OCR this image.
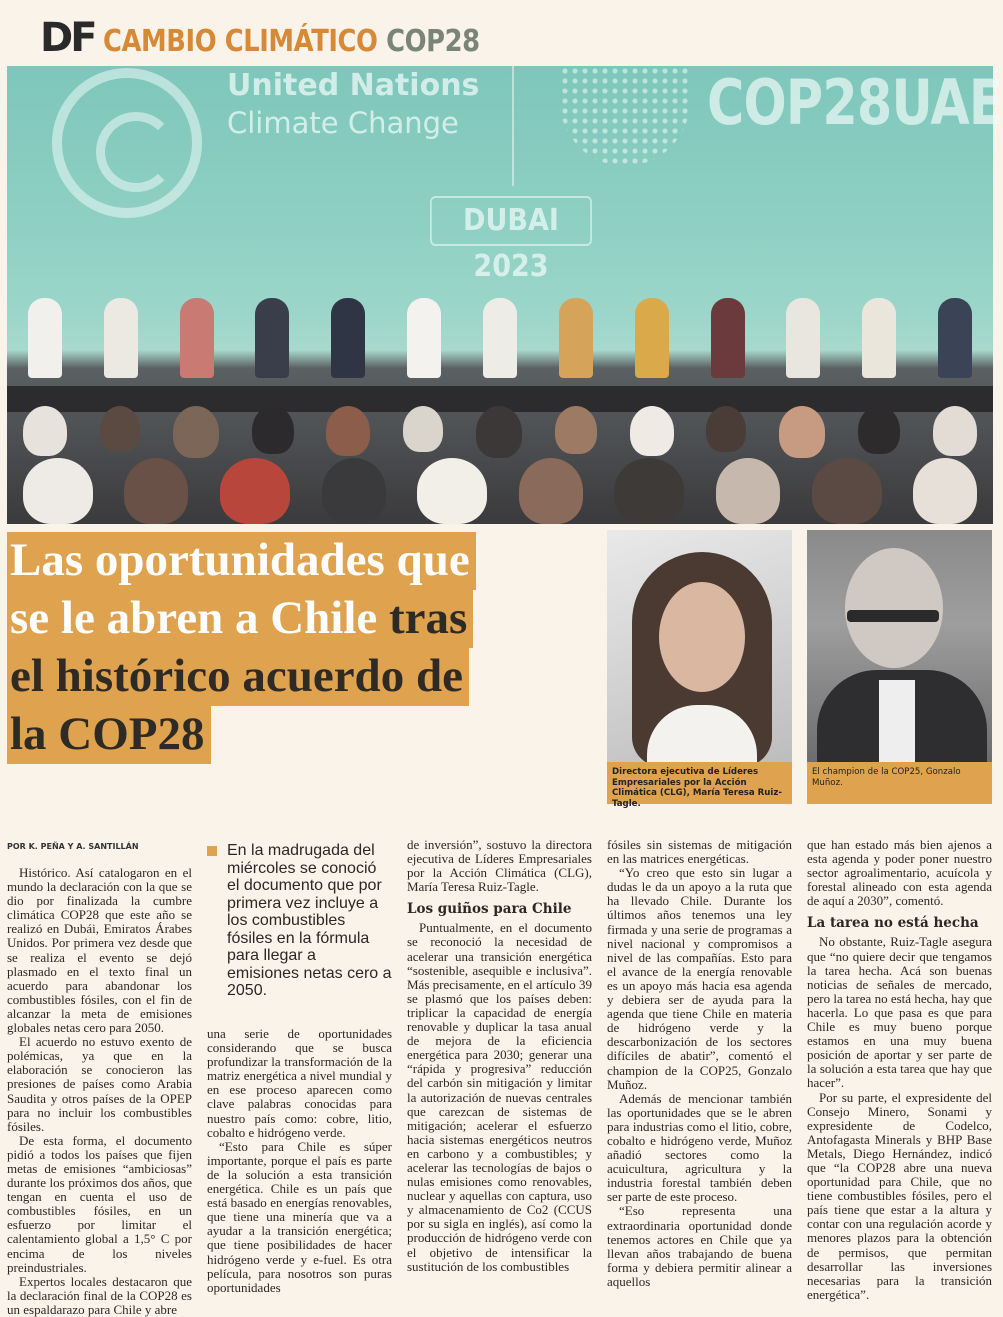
DF CAMBIO CLIMÁTICO COP28
United Nations
Climate Change	COP28UAE
DUBAI 2023
Las oportunidades que
se le abren a Chile tras
el histórico acuerdo de
la COP28
Directora ejecutiva de Líderes Empresariales por la Acción Climática (CLG), María Teresa Ruiz-Tagle.
El champion de la COP25, Gonzalo Muñoz.
POR K. PEÑA Y A. SANTILLÁN	En la madrugada del miércoles se conoció el documento que por primera vez incluye a los combustibles fósiles en la fórmula para llegar a emisiones netas cero a 2050.

Histórico. Así catalogaron en el mundo la declaración con la que se dio por finalizada la cumbre climática COP28 que este año se realizó en Dubái, Emiratos Árabes Unidos. Por primera vez desde que se realiza el evento se dejó plasmado en el texto final un acuerdo para abandonar los combustibles fósiles, con el fin de alcanzar la meta de emisiones globales netas cero para 2050.

El acuerdo no estuvo exento de polémicas, ya que en la elaboración se conocieron las presiones de países como Arabia Saudita y otros países de la OPEP para no incluir los combustibles fósiles.

De esta forma, el documento pidió a todos los países que fijen metas de emisiones “ambiciosas” durante los próximos dos años, que tengan en cuenta el uso de combustibles fósiles, en un esfuerzo por limitar el calentamiento global a 1,5° C por encima de los niveles preindustriales.

Expertos locales destacaron que la declaración final de la COP28 es un espaldarazo para Chile y abre

una serie de oportunidades considerando que se busca profundizar la transformación de la matriz energética a nivel mundial y en ese proceso aparecen como clave palabras conocidas para nuestro país como: cobre, litio, cobalto e hidrógeno verde.

“Esto para Chile es súper importante, porque el país es parte de la solución a esta transición energética. Chile es un país que está basado en energías renovables, que tiene una minería que va a ayudar a la transición energética; que tiene posibilidades de hacer hidrógeno verde y e-fuel. Es otra película, para nosotros son puras oportunidades

de inversión”, sostuvo la directora ejecutiva de Líderes Empresariales por la Acción Climática (CLG), María Teresa Ruiz-Tagle.

Los guiños para Chile

Puntualmente, en el documento se reconoció la necesidad de acelerar una transición energética “sostenible, asequible e inclusiva”. Más precisamente, en el artículo 39 se plasmó que los países deben: triplicar la capacidad de energía renovable y duplicar la tasa anual de mejora de la eficiencia energética para 2030; generar una “rápida y progresiva” reducción del carbón sin mitigación y limitar la autorización de nuevas centrales que carezcan de sistemas de mitigación; acelerar el esfuerzo hacia sistemas energéticos neutros en carbono y a combustibles; y acelerar las tecnologías de bajos o nulas emisiones como renovables, nuclear y aquellas con captura, uso y almacenamiento de Co2 (CCUS por su sigla en inglés), así como la producción de hidrógeno verde con el objetivo de intensificar la sustitución de los combustibles

fósiles sin sistemas de mitigación en las matrices energéticas.

“Yo creo que esto sin lugar a dudas le da un apoyo a la ruta que ha llevado Chile. Durante los últimos años tenemos una ley firmada y una serie de programas a nivel nacional y compromisos a nivel de las compañías. Esto para el avance de la energía renovable es un apoyo más hacia esa agenda y debiera ser de ayuda para la agenda que tiene Chile en materia de hidrógeno verde y la descarbonización de los sectores difíciles de abatir”, comentó el champion de la COP25, Gonzalo Muñoz.

Además de mencionar también las oportunidades que se le abren para industrias como el litio, cobre, cobalto e hidrógeno verde, Muñoz añadió sectores como la acuicultura, agricultura y la industria forestal también deben ser parte de este proceso.

“Eso representa una extraordinaria oportunidad donde tenemos actores en Chile que ya llevan años trabajando de buena forma y debiera permitir alinear a aquellos

que han estado más bien ajenos a esta agenda y poder poner nuestro sector agroalimentario, acuícola y forestal alineado con esta agenda de aquí a 2030”, comentó.

La tarea no está hecha

No obstante, Ruiz-Tagle asegura que “no quiere decir que tengamos la tarea hecha. Acá son buenas noticias de señales de mercado, pero la tarea no está hecha, hay que hacerla. Lo que pasa es que para Chile es muy bueno porque estamos en una muy buena posición de aportar y ser parte de la solución a esta tarea que hay que hacer”.

Por su parte, el expresidente del Consejo Minero, Sonami y expresidente de Codelco, Antofagasta Minerals y BHP Base Metals, Diego Hernández, indicó que “la COP28 abre una nueva oportunidad para Chile, que no tiene combustibles fósiles, pero el país tiene que estar a la altura y contar con una regulación acorde y menores plazos para la obtención de permisos, que permitan desarrollar las inversiones necesarias para la transición energética”.
